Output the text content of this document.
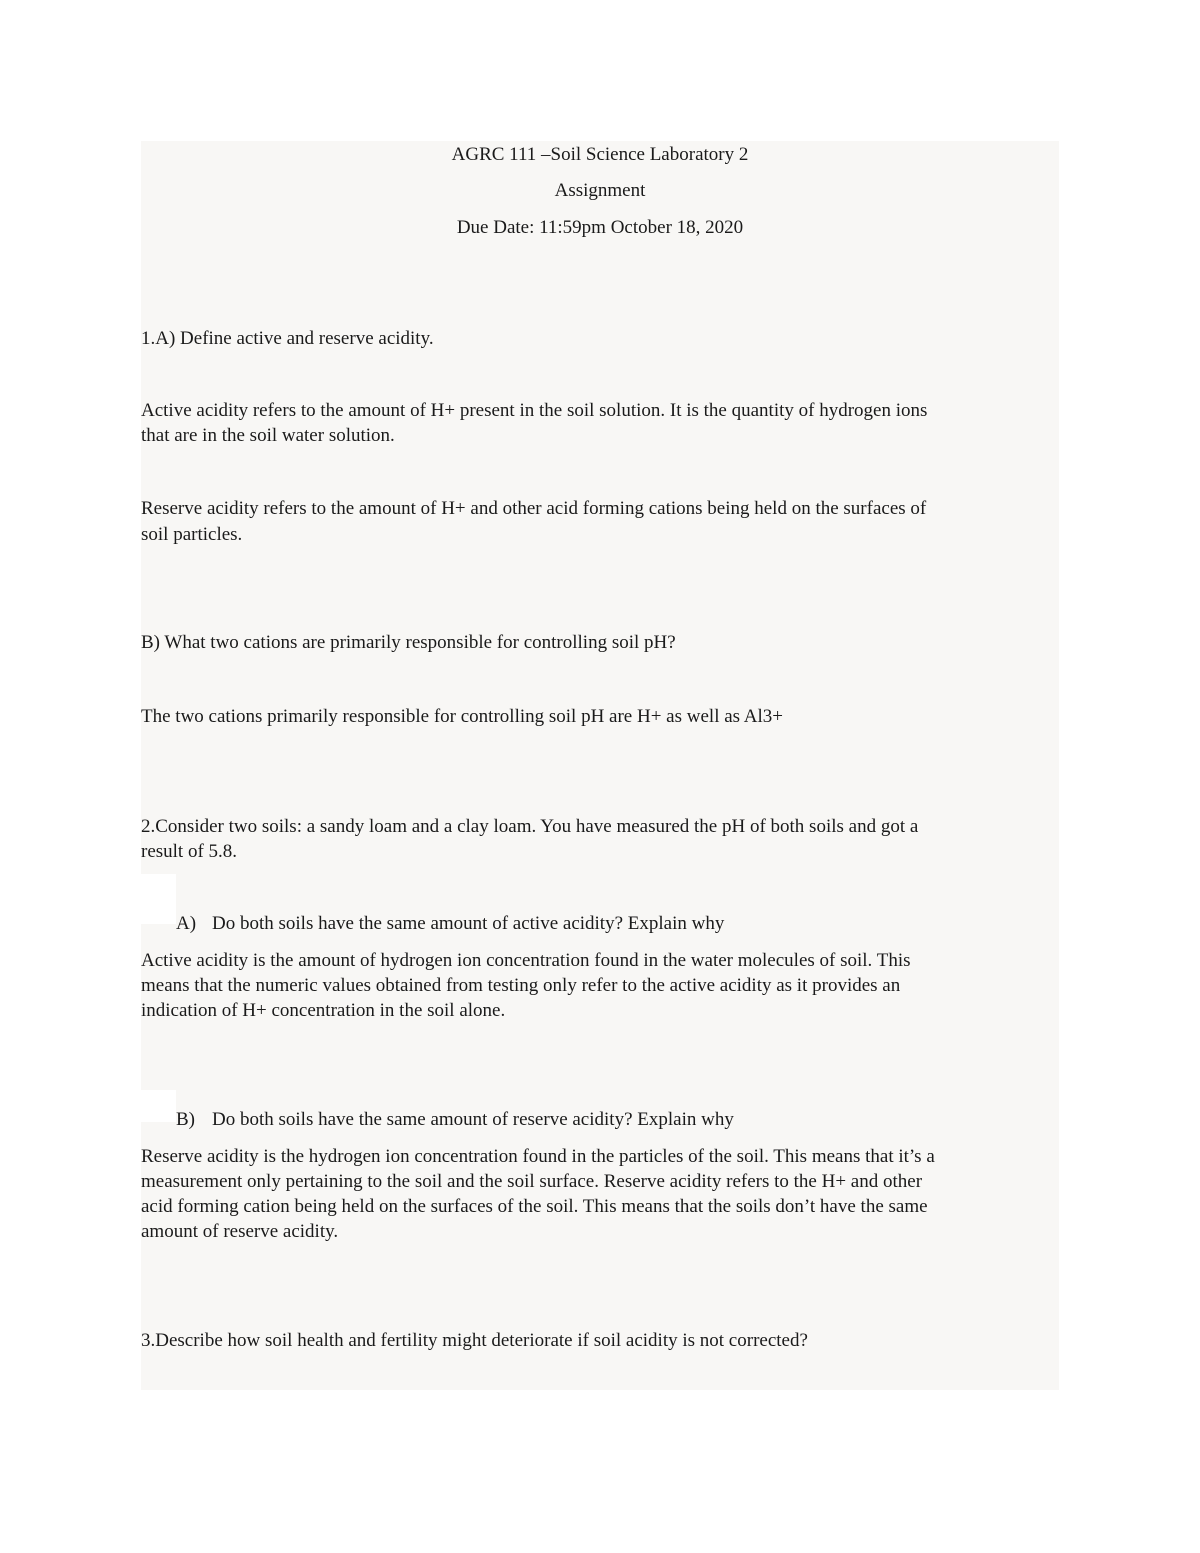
AGRC 111 –Soil Science Laboratory 2

Assignment

Due Date: 11:59pm October 18, 2020

1.A) Define active and reserve acidity.

Active acidity refers to the amount of H+ present in the soil solution. It is the quantity of hydrogen ions

that are in the soil water solution.

Reserve acidity refers to the amount of H+ and other acid forming cations being held on the surfaces of

soil particles.

B) What two cations are primarily responsible for controlling soil pH?

The two cations primarily responsible for controlling soil pH are H+ as well as Al3+

2.Consider two soils: a sandy loam and a clay loam. You have measured the pH of both soils and got a

result of 5.8.

A) Do both soils have the same amount of active acidity? Explain why

Active acidity is the amount of hydrogen ion concentration found in the water molecules of soil. This

means that the numeric values obtained from testing only refer to the active acidity as it provides an

indication of H+ concentration in the soil alone.

B) Do both soils have the same amount of reserve acidity? Explain why

Reserve acidity is the hydrogen ion concentration found in the particles of the soil. This means that it’s a

measurement only pertaining to the soil and the soil surface. Reserve acidity refers to the H+ and other

acid forming cation being held on the surfaces of the soil. This means that the soils don’t have the same

amount of reserve acidity.

3.Describe how soil health and fertility might deteriorate if soil acidity is not corrected?
